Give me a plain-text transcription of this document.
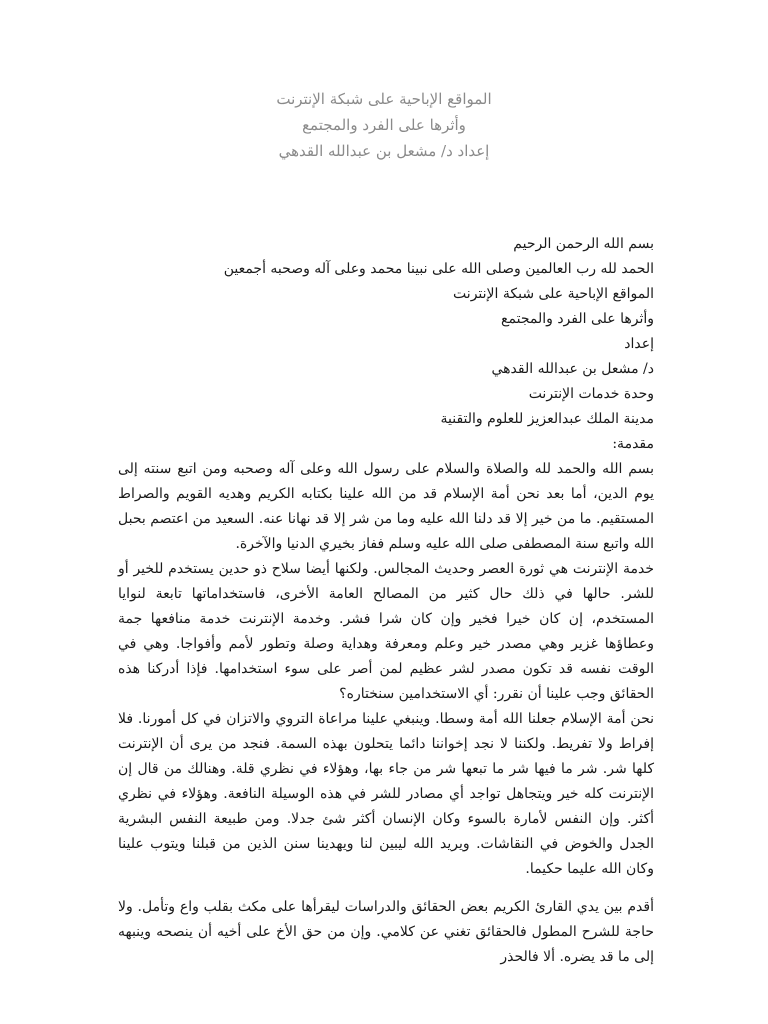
المواقع الإباحية على شبكة الإنترنت
وأثرها على الفرد والمجتمع
إعداد د/ مشعل بن عبدالله القدهي
بسم الله الرحمن الرحيم
الحمد لله رب العالمين وصلى الله على نبينا محمد وعلى آله وصحبه أجمعين
المواقع الإباحية على شبكة الإنترنت
وأثرها على الفرد والمجتمع
إعداد
د/ مشعل بن عبدالله القدهي
وحدة خدمات الإنترنت
مدينة الملك عبدالعزيز للعلوم والتقنية
مقدمة:
بسم الله والحمد لله والصلاة والسلام على رسول الله وعلى آله وصحبه ومن اتبع سنته إلى يوم الدين، أما بعد نحن أمة الإسلام قد من الله علينا بكتابه الكريم وهديه القويم والصراط المستقيم. ما من خير إلا قد دلنا الله عليه وما من شر إلا قد نهانا عنه. السعيد من اعتصم بحبل الله واتبع سنة المصطفى صلى الله عليه وسلم ففاز بخيري الدنيا والآخرة.
خدمة الإنترنت هي ثورة العصر وحديث المجالس. ولكنها أيضا سلاح ذو حدين يستخدم للخير أو للشر. حالها في ذلك حال كثير من المصالح العامة الأخرى، فاستخداماتها تابعة لنوايا المستخدم، إن كان خيرا فخير وإن كان شرا فشر. وخدمة الإنترنت خدمة منافعها جمة وعطاؤها غزير وهي مصدر خير وعلم ومعرفة وهداية وصلة وتطور لأمم وأفواجا. وهي في الوقت نفسه قد تكون مصدر لشر عظيم لمن أصر على سوء استخدامها. فإذا أدركنا هذه الحقائق وجب علينا أن نقرر: أي الاستخدامين سنختاره؟
نحن أمة الإسلام جعلنا الله أمة وسطا. وينبغي علينا مراعاة التروي والاتزان في كل أمورنا. فلا إفراط ولا تفريط. ولكننا لا نجد إخواننا دائما يتحلون بهذه السمة. فنجد من يرى أن الإنترنت كلها شر. شر ما فيها شر ما تبعها شر من جاء بها، وهؤلاء في نظري قلة. وهنالك من قال إن الإنترنت كله خير ويتجاهل تواجد أي مصادر للشر في هذه الوسيلة النافعة. وهؤلاء في نظري أكثر. وإن النفس لأمارة بالسوء وكان الإنسان أكثر شئ جدلا. ومن طبيعة النفس البشرية الجدل والخوض في النقاشات. ويريد الله ليبين لنا ويهدينا سنن الذين من قبلنا ويتوب علينا وكان الله عليما حكيما.
أقدم بين يدي القارئ الكريم بعض الحقائق والدراسات ليقرأها على مكث بقلب واع وتأمل. ولا حاجة للشرح المطول فالحقائق تغني عن كلامي. وإن من حق الأخ على أخيه أن ينصحه وينبهه إلى ما قد يضره. ألا فالحذر
